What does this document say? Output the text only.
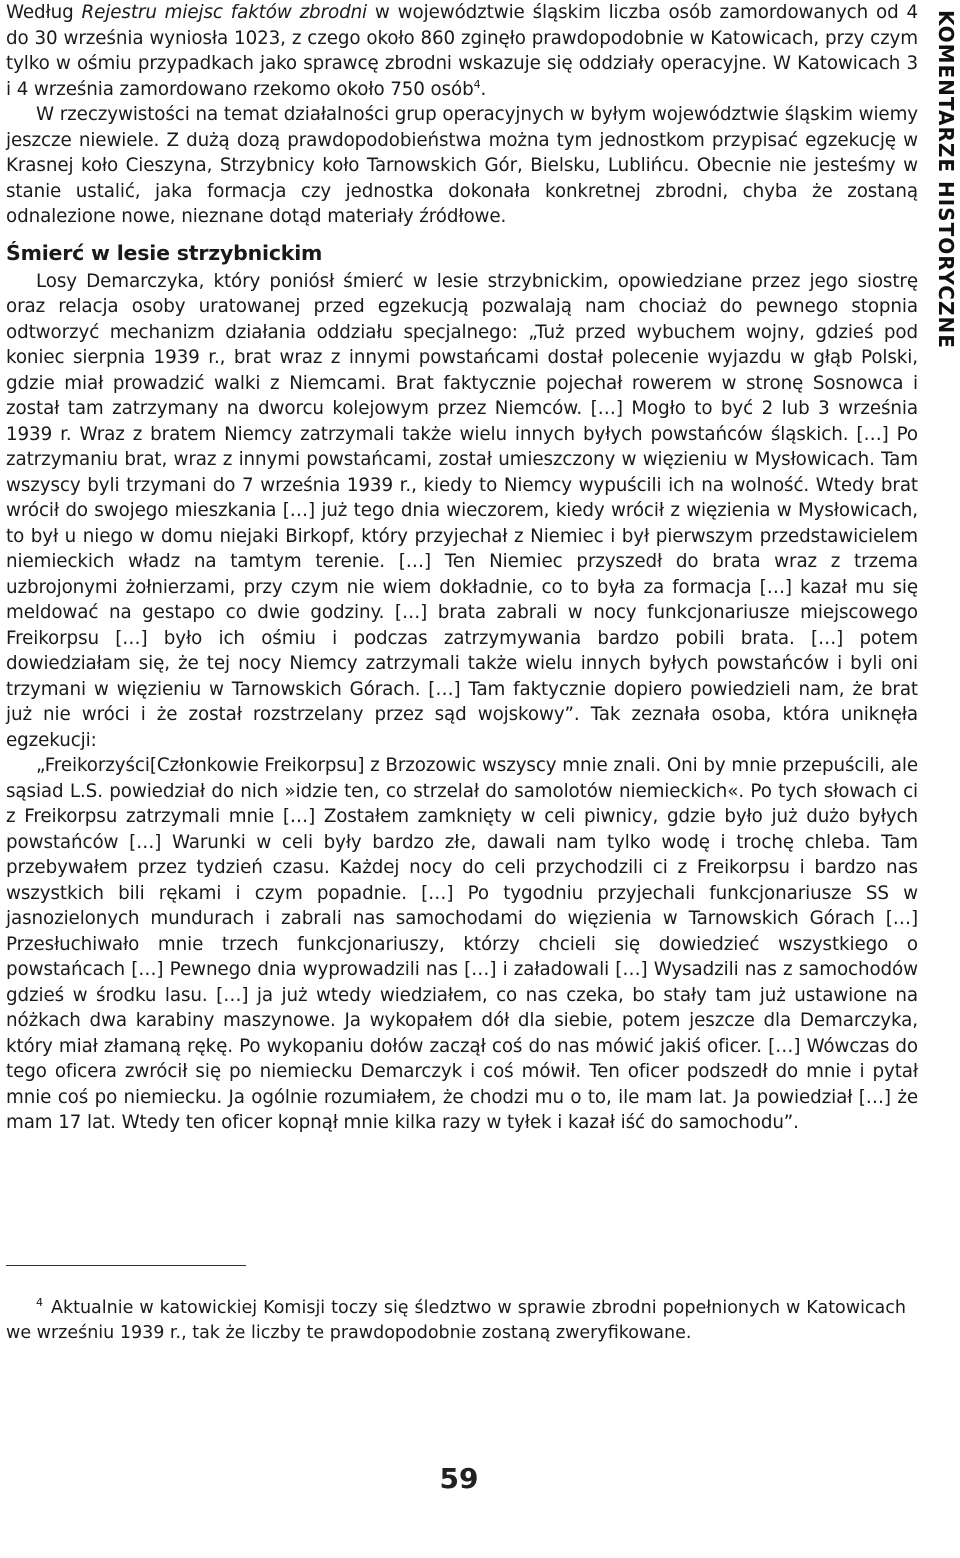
Według Rejestru miejsc faktów zbrodni w województwie śląskim liczba osób zamordowanych od 4 do 30 września wyniosła 1023, z czego około 860 zginęło prawdopodobnie w Katowicach, przy czym tylko w ośmiu przypadkach jako sprawcę zbrodni wskazuje się oddziały operacyjne. W Katowicach 3 i 4 września zamordowano rzekomo około 750 osób$^4$.

W rzeczywistości na temat działalności grup operacyjnych w byłym województwie śląskim wiemy jeszcze niewiele. Z dużą dozą prawdopodobieństwa można tym jednostkom przypisać egzekucję w Krasnej koło Cieszyna, Strzybnicy koło Tarnowskich Gór, Bielsku, Lublińcu. Obecnie nie jesteśmy w stanie ustalić, jaka formacja czy jednostka dokonała konkretnej zbrodni, chyba że zostaną odnalezione nowe, nieznane dotąd materiały źródłowe.

Śmierć w lesie strzybnickim

Losy Demarczyka, który poniósł śmierć w lesie strzybnickim, opowiedziane przez jego siostrę oraz relacja osoby uratowanej przed egzekucją pozwalają nam chociaż do pewnego stopnia odtworzyć mechanizm działania oddziału specjalnego: „Tuż przed wybuchem wojny, gdzieś pod koniec sierpnia 1939 r., brat wraz z innymi powstańcami dostał polecenie wyjazdu w głąb Polski, gdzie miał prowadzić walki z Niemcami. Brat faktycznie pojechał rowerem w stronę Sosnowca i został tam zatrzymany na dworcu kolejowym przez Niemców. […] Mogło to być 2 lub 3 września 1939 r. Wraz z bratem Niemcy zatrzymali także wielu innych byłych powstańców śląskich. […] Po zatrzymaniu brat, wraz z innymi powstańcami, został umieszczony w więzieniu w Mysłowicach. Tam wszyscy byli trzymani do 7 września 1939 r., kiedy to Niemcy wypuścili ich na wolność. Wtedy brat wrócił do swojego mieszkania […] już tego dnia wieczorem, kiedy wrócił z więzienia w Mysłowicach, to był u niego w domu niejaki Birkopf, który przyjechał z Niemiec i był pierwszym przedstawicielem niemieckich władz na tamtym terenie. […] Ten Niemiec przyszedł do brata wraz z trzema uzbrojonymi żołnierzami, przy czym nie wiem dokładnie, co to była za formacja […] kazał mu się meldować na gestapo co dwie godziny. […] brata zabrali w nocy funkcjonariusze miejscowego Freikorpsu […] było ich ośmiu i podczas zatrzymywania bardzo pobili brata. […] potem dowiedziałam się, że tej nocy Niemcy zatrzymali także wielu innych byłych powstańców i byli oni trzymani w więzieniu w Tarnowskich Górach. […] Tam faktycznie dopiero powiedzieli nam, że brat już nie wróci i że został rozstrzelany przez sąd wojskowy”. Tak zeznała osoba, która uniknęła egzekucji:

„Freikorzyści[Członkowie Freikorpsu] z Brzozowic wszyscy mnie znali. Oni by mnie przepuścili, ale sąsiad L.S. powiedział do nich »idzie ten, co strzelał do samolotów niemieckich«. Po tych słowach ci z Freikorpsu zatrzymali mnie […] Zostałem zamknięty w celi piwnicy, gdzie było już dużo byłych powstańców […] Warunki w celi były bardzo złe, dawali nam tylko wodę i trochę chleba. Tam przebywałem przez tydzień czasu. Każdej nocy do celi przychodzili ci z Freikorpsu i bardzo nas wszystkich bili rękami i czym popadnie. […] Po tygodniu przyjechali funkcjonariusze SS w jasnozielonych mundurach i zabrali nas samochodami do więzienia w Tarnowskich Górach […] Przesłuchiwało mnie trzech funkcjonariuszy, którzy chcieli się dowiedzieć wszystkiego o powstańcach […] Pewnego dnia wyprowadzili nas […] i załadowali […] Wysadzili nas z samochodów gdzieś w środku lasu. […] ja już wtedy wiedziałem, co nas czeka, bo stały tam już ustawione na nóżkach dwa karabiny maszynowe. Ja wykopałem dół dla siebie, potem jeszcze dla Demarczyka, który miał złamaną rękę. Po wykopaniu dołów zaczął coś do nas mówić jakiś oficer. […] Wówczas do tego oficera zwrócił się po niemiecku Demarczyk i coś mówił. Ten oficer podszedł do mnie i pytał mnie coś po niemiecku. Ja ogólnie rozumiałem, że chodzi mu o to, ile mam lat. Ja powiedział […] że mam 17 lat. Wtedy ten oficer kopnął mnie kilka razy w tyłek i kazał iść do samochodu”.

KOMENTARZE HISTORYCZNE
$^4$ Aktualnie w katowickiej Komisji toczy się śledztwo w sprawie zbrodni popełnionych w Katowicach we wrześniu 1939 r., tak że liczby te prawdopodobnie zostaną zweryfikowane.
59
